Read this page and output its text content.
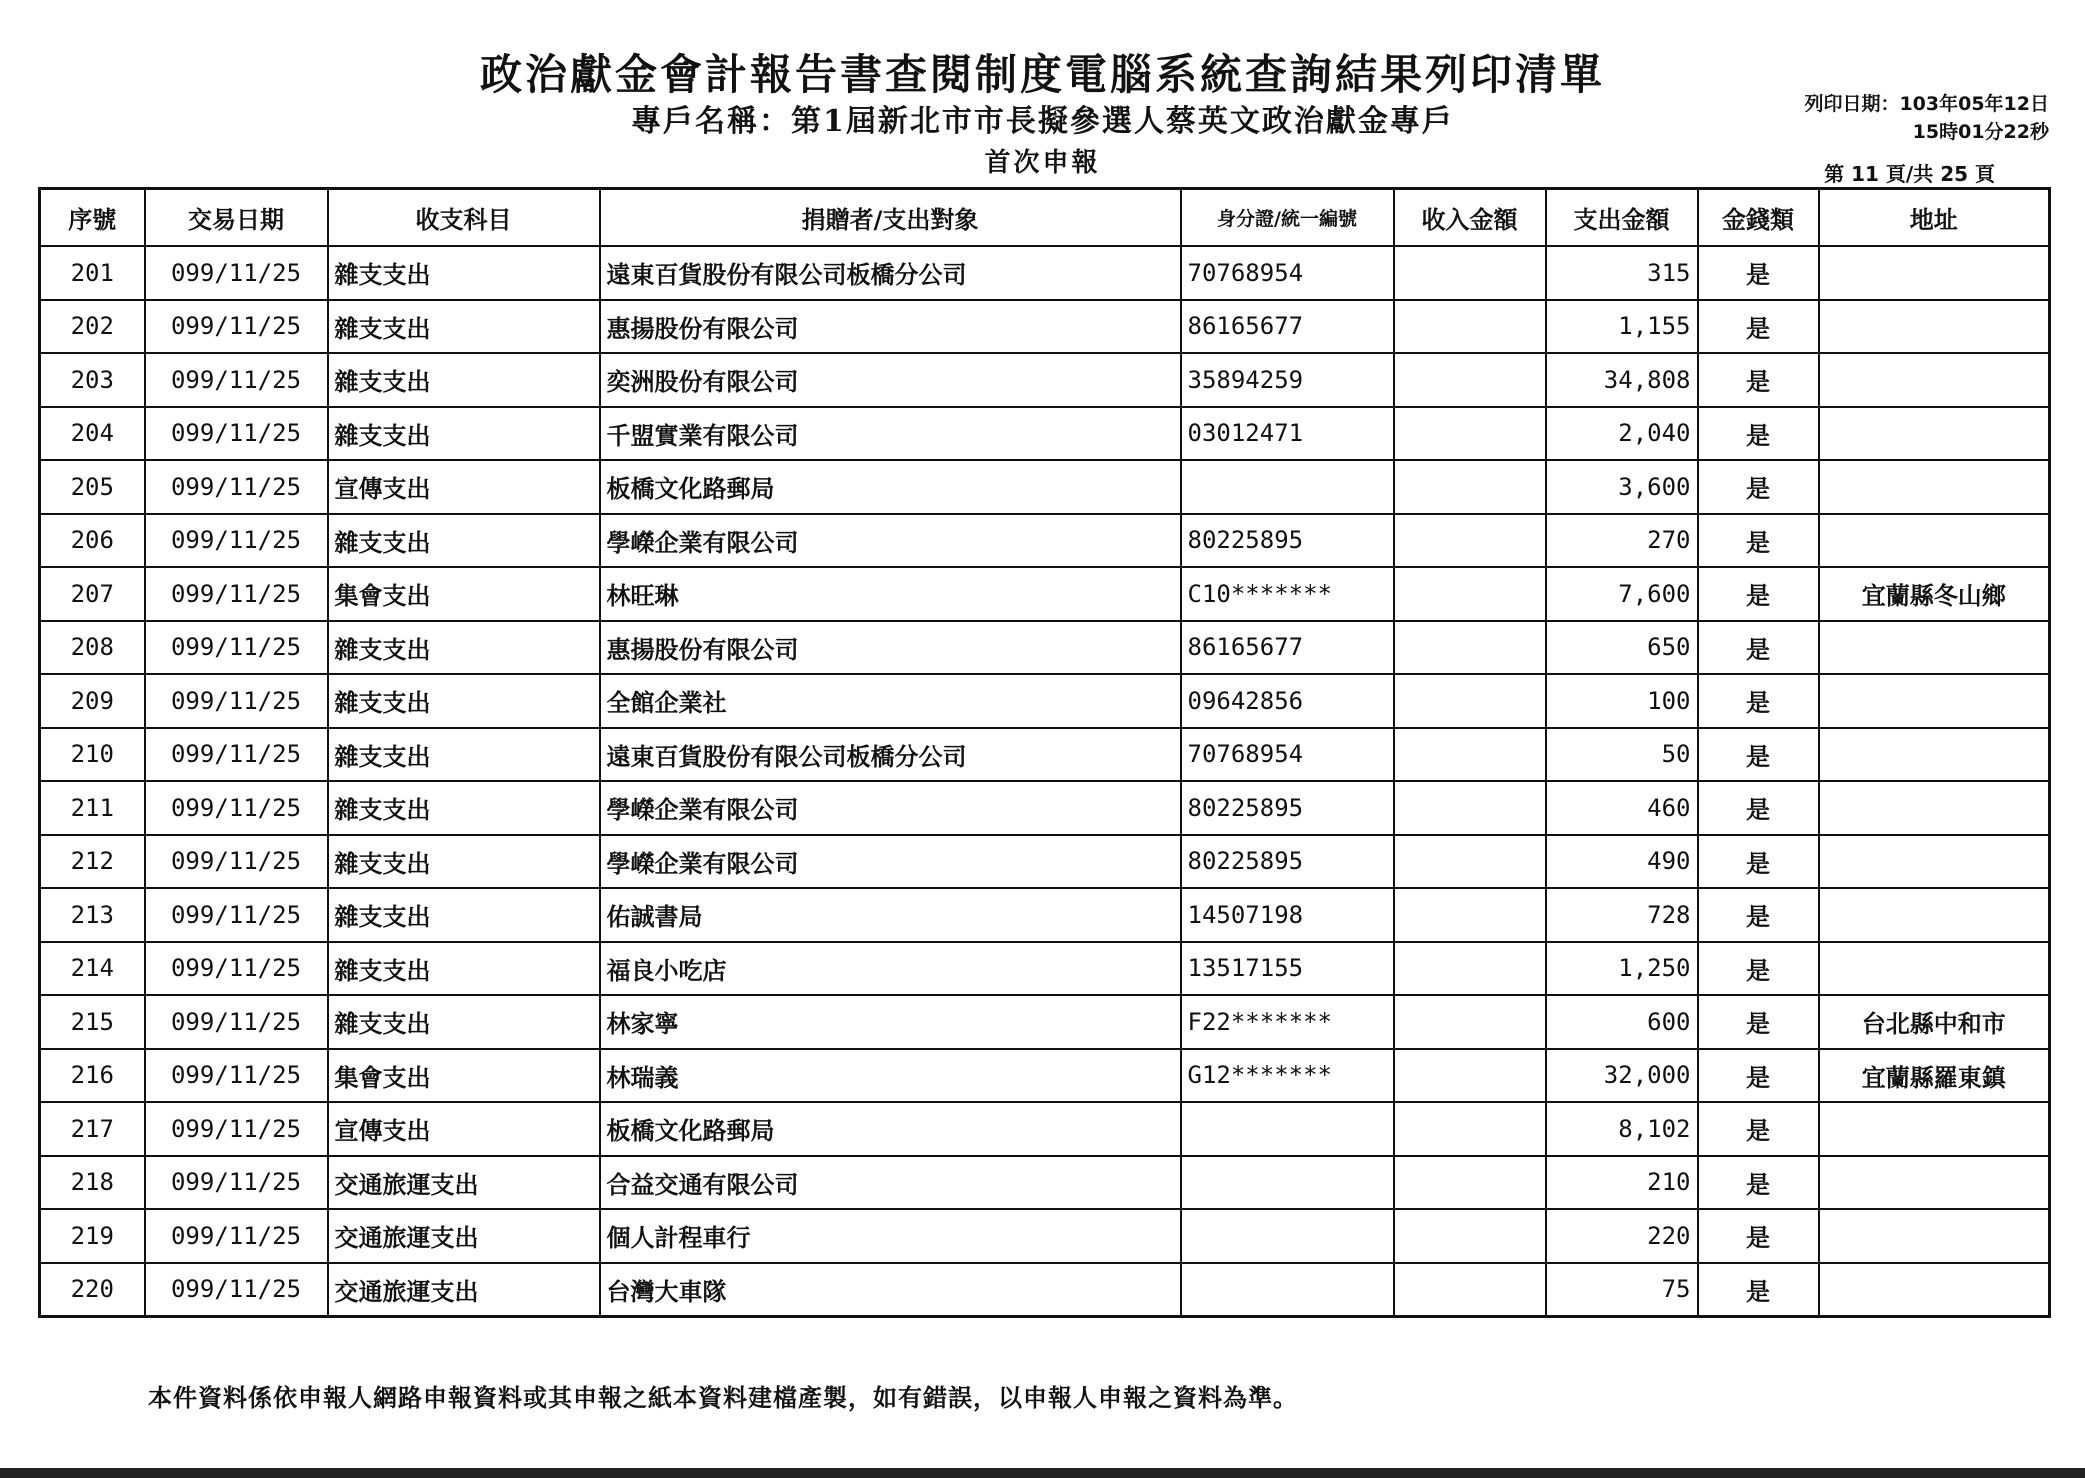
政治獻金會計報告書查閱制度電腦系統查詢結果列印清單
專戶名稱：第1屆新北市市長擬參選人蔡英文政治獻金專戶
首次申報
列印日期：103年05年12日
15時01分22秒
第 11 頁/共 25 頁
序號	交易日期	收支科目	捐贈者/支出對象	身分證/統一編號	收入金額	支出金額	金錢類	地址
201	099/11/25	雜支支出	遠東百貨股份有限公司板橋分公司	70768954		315	是	
202	099/11/25	雜支支出	惠揚股份有限公司	86165677		1,155	是	
203	099/11/25	雜支支出	奕洲股份有限公司	35894259		34,808	是	
204	099/11/25	雜支支出	千盟實業有限公司	03012471		2,040	是	
205	099/11/25	宣傳支出	板橋文化路郵局			3,600	是	
206	099/11/25	雜支支出	學嶸企業有限公司	80225895		270	是	
207	099/11/25	集會支出	林旺琳	C10*******		7,600	是	宜蘭縣冬山鄉
208	099/11/25	雜支支出	惠揚股份有限公司	86165677		650	是	
209	099/11/25	雜支支出	全館企業社	09642856		100	是	
210	099/11/25	雜支支出	遠東百貨股份有限公司板橋分公司	70768954		50	是	
211	099/11/25	雜支支出	學嶸企業有限公司	80225895		460	是	
212	099/11/25	雜支支出	學嶸企業有限公司	80225895		490	是	
213	099/11/25	雜支支出	佑誠書局	14507198		728	是	
214	099/11/25	雜支支出	福良小吃店	13517155		1,250	是	
215	099/11/25	雜支支出	林家寧	F22*******		600	是	台北縣中和市
216	099/11/25	集會支出	林瑞義	G12*******		32,000	是	宜蘭縣羅東鎮
217	099/11/25	宣傳支出	板橋文化路郵局			8,102	是	
218	099/11/25	交通旅運支出	合益交通有限公司			210	是	
219	099/11/25	交通旅運支出	個人計程車行			220	是	
220	099/11/25	交通旅運支出	台灣大車隊			75	是	
本件資料係依申報人網路申報資料或其申報之紙本資料建檔產製，如有錯誤，以申報人申報之資料為準。
